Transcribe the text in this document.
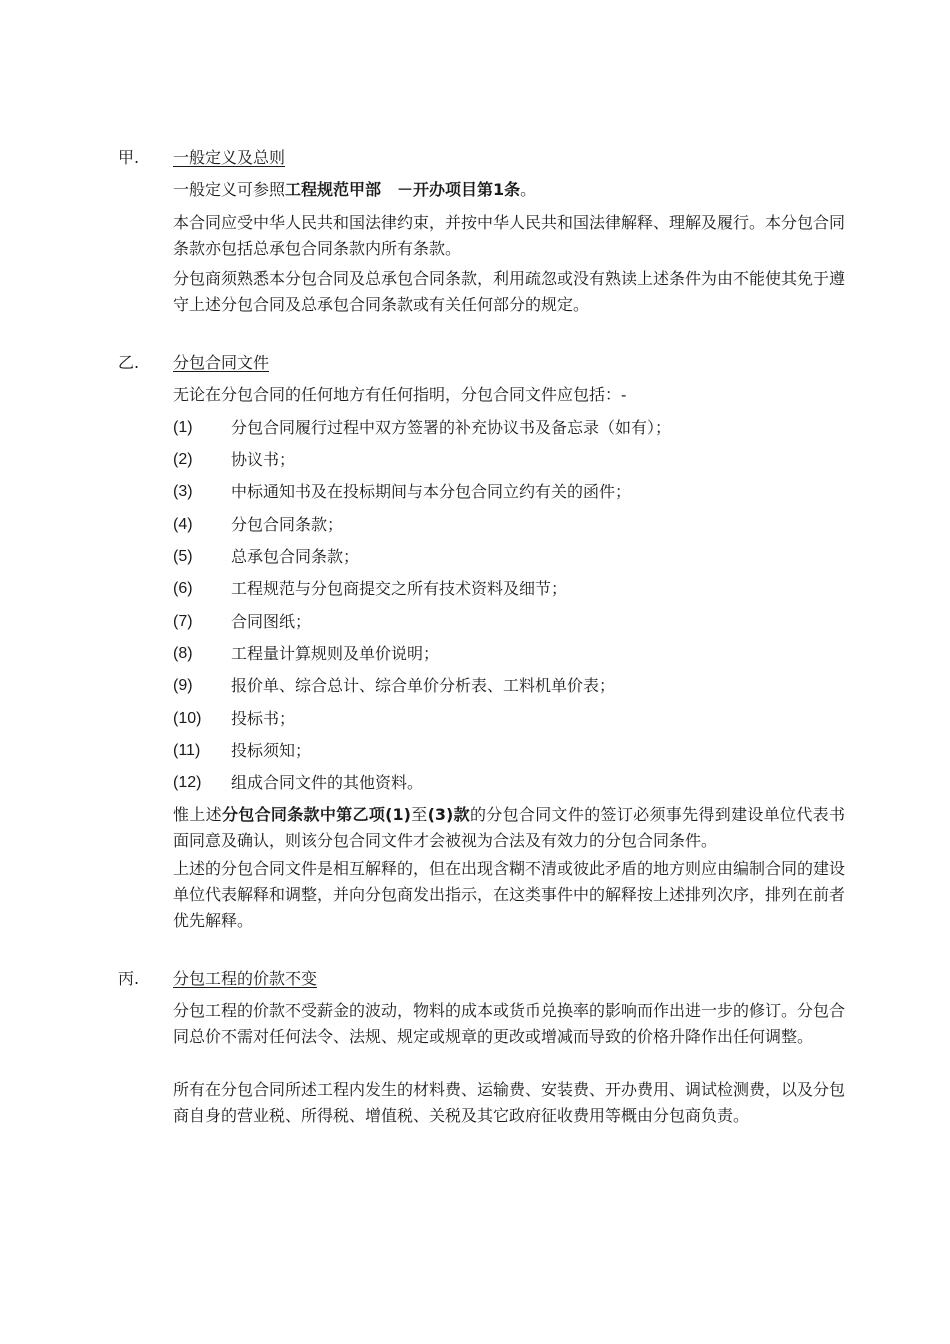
甲. 一般定义及总则

一般定义可参照工程规范甲部　－开办项目第1条。

本合同应受中华人民共和国法律约束，并按中华人民共和国法律解释、理解及履行。本分包合同条款亦包括总承包合同条款内所有条款。

分包商须熟悉本分包合同及总承包合同条款，利用疏忽或没有熟读上述条件为由不能使其免于遵守上述分包合同及总承包合同条款或有关任何部分的规定。

乙. 分包合同文件

无论在分包合同的任何地方有任何指明，分包合同文件应包括：-

(1) 分包合同履行过程中双方签署的补充协议书及备忘录（如有）；
(2) 协议书；
(3) 中标通知书及在投标期间与本分包合同立约有关的函件；
(4) 分包合同条款；
(5) 总承包合同条款；
(6) 工程规范与分包商提交之所有技术资料及细节；
(7) 合同图纸；
(8) 工程量计算规则及单价说明；
(9) 报价单、综合总计、综合单价分析表、工料机单价表；
(10) 投标书；
(11) 投标须知；
(12) 组成合同文件的其他资料。

惟上述分包合同条款中第乙项(1)至(3)款的分包合同文件的签订必须事先得到建设单位代表书面同意及确认，则该分包合同文件才会被视为合法及有效力的分包合同条件。

上述的分包合同文件是相互解释的，但在出现含糊不清或彼此矛盾的地方则应由编制合同的建设单位代表解释和调整，并向分包商发出指示，在这类事件中的解释按上述排列次序，排列在前者优先解释。

丙. 分包工程的价款不变

分包工程的价款不受薪金的波动，物料的成本或货币兑换率的影响而作出进一步的修订。分包合同总价不需对任何法令、法规、规定或规章的更改或增减而导致的价格升降作出任何调整。

所有在分包合同所述工程内发生的材料费、运输费、安装费、开办费用、调试检测费，以及分包商自身的营业税、所得税、增值税、关税及其它政府征收费用等概由分包商负责。
